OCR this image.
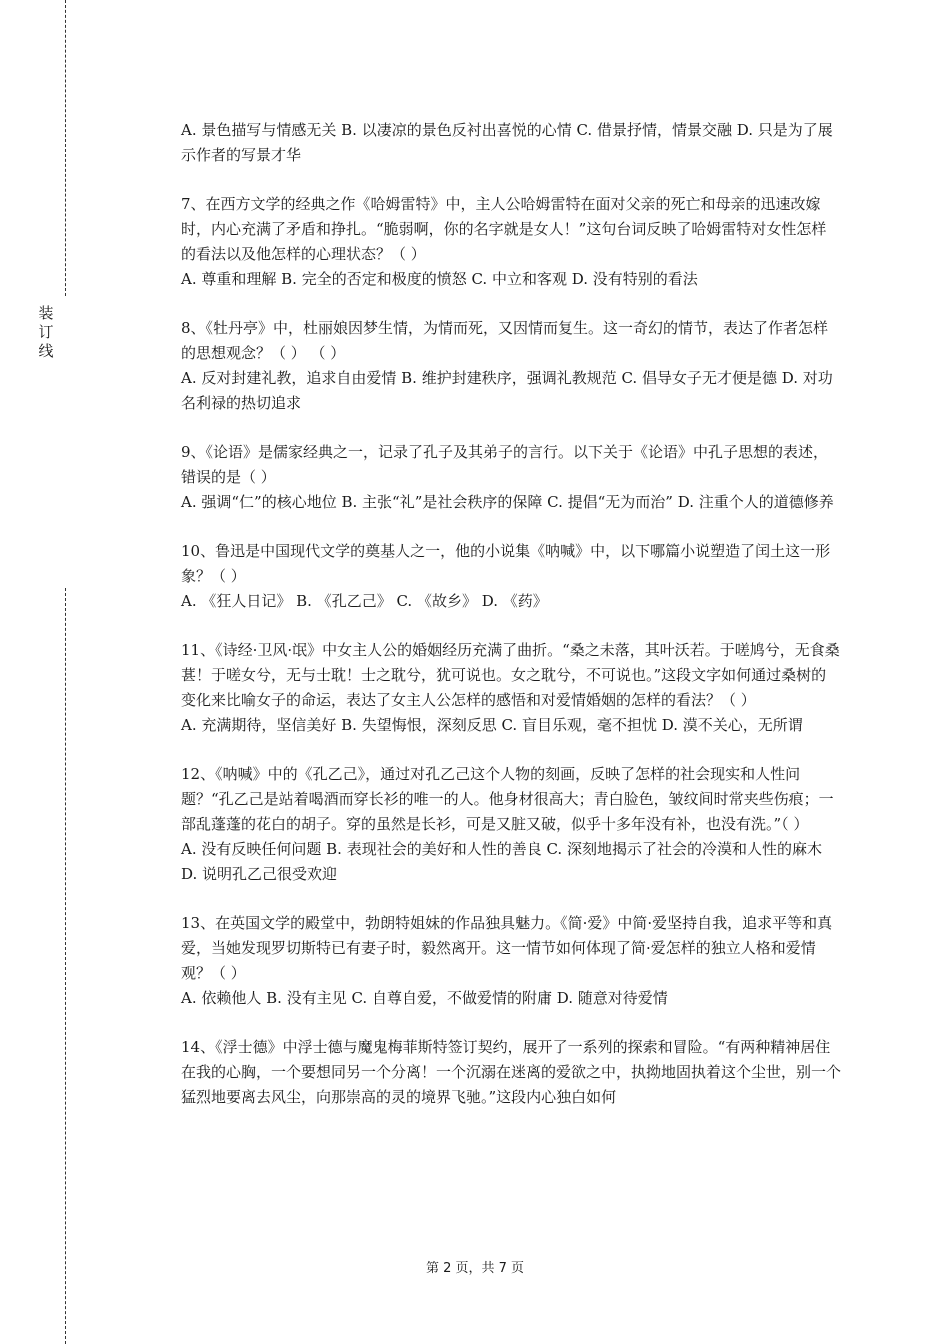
装
订
线

A. 景色描写与情感无关 B. 以凄凉的景色反衬出喜悦的心情 C. 借景抒情，情景交融 D. 只是为了展示作者的写景才华

7、在西方文学的经典之作《哈姆雷特》中，主人公哈姆雷特在面对父亲的死亡和母亲的迅速改嫁时，内心充满了矛盾和挣扎。“脆弱啊，你的名字就是女人！”这句台词反映了哈姆雷特对女性怎样的看法以及他怎样的心理状态？（ ）

A. 尊重和理解 B. 完全的否定和极度的愤怒 C. 中立和客观 D. 没有特别的看法

8、《牡丹亭》中，杜丽娘因梦生情，为情而死，又因情而复生。这一奇幻的情节，表达了作者怎样的思想观念？（ ） （ ）

A. 反对封建礼教，追求自由爱情 B. 维护封建秩序，强调礼教规范 C. 倡导女子无才便是德 D. 对功名利禄的热切追求

9、《论语》是儒家经典之一，记录了孔子及其弟子的言行。以下关于《论语》中孔子思想的表述，错误的是（ ）

A. 强调“仁”的核心地位 B. 主张“礼”是社会秩序的保障 C. 提倡“无为而治” D. 注重个人的道德修养

10、鲁迅是中国现代文学的奠基人之一，他的小说集《呐喊》中，以下哪篇小说塑造了闰土这一形象？（ ）

A. 《狂人日记》 B. 《孔乙己》 C. 《故乡》 D. 《药》

11、《诗经·卫风·氓》中女主人公的婚姻经历充满了曲折。“桑之未落，其叶沃若。于嗟鸠兮，无食桑葚！于嗟女兮，无与士耽！士之耽兮，犹可说也。女之耽兮，不可说也。”这段文字如何通过桑树的变化来比喻女子的命运，表达了女主人公怎样的感悟和对爱情婚姻的怎样的看法？（ ）

A. 充满期待，坚信美好 B. 失望悔恨，深刻反思 C. 盲目乐观，毫不担忧 D. 漠不关心，无所谓

12、《呐喊》中的《孔乙己》，通过对孔乙己这个人物的刻画，反映了怎样的社会现实和人性问题？“孔乙己是站着喝酒而穿长衫的唯一的人。他身材很高大；青白脸色，皱纹间时常夹些伤痕；一部乱蓬蓬的花白的胡子。穿的虽然是长衫，可是又脏又破，似乎十多年没有补，也没有洗。”（ ）

A. 没有反映任何问题 B. 表现社会的美好和人性的善良 C. 深刻地揭示了社会的冷漠和人性的麻木 D. 说明孔乙己很受欢迎

13、在英国文学的殿堂中，勃朗特姐妹的作品独具魅力。《简·爱》中简·爱坚持自我，追求平等和真爱，当她发现罗切斯特已有妻子时，毅然离开。这一情节如何体现了简·爱怎样的独立人格和爱情观？（ ）

A. 依赖他人 B. 没有主见 C. 自尊自爱，不做爱情的附庸 D. 随意对待爱情

14、《浮士德》中浮士德与魔鬼梅菲斯特签订契约，展开了一系列的探索和冒险。“有两种精神居住在我的心胸，一个要想同另一个分离！一个沉溺在迷离的爱欲之中，执拗地固执着这个尘世，别一个猛烈地要离去风尘，向那崇高的灵的境界飞驰。”这段内心独白如何

第 2 页，共 7 页
